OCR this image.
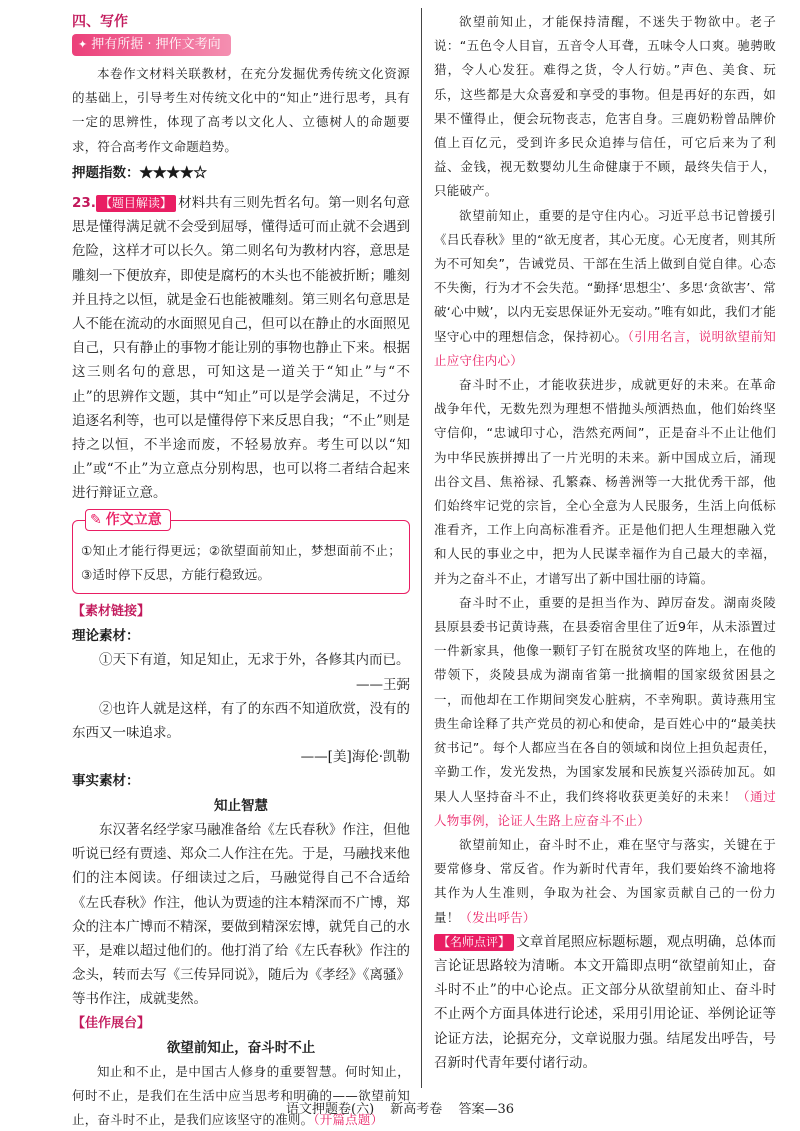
四、写作
✦ 押有所据 · 押作文考向

本卷作文材料关联教材，在充分发掘优秀传统文化资源的基础上，引导考生对传统文化中的“知止”进行思考，具有一定的思辨性，体现了高考以文化人、立德树人的命题要求，符合高考作文命题趋势。

押题指数：★★★★☆

23. 【题目解读】 材料共有三则先哲名句。第一则名句意思是懂得满足就不会受到屈辱，懂得适可而止就不会遇到危险，这样才可以长久。第二则名句为教材内容，意思是雕刻一下便放弃，即使是腐朽的木头也不能被折断；雕刻并且持之以恒，就是金石也能被雕刻。第三则名句意思是人不能在流动的水面照见自己，但可以在静止的水面照见自己，只有静止的事物才能让别的事物也静止下来。根据这三则名句的意思，可知这是一道关于“知止”与“不止”的思辨作文题，其中“知止”可以是学会满足，不过分追逐名利等，也可以是懂得停下来反思自我；“不止”则是持之以恒，不半途而废，不轻易放弃。考生可以以“知止”或“不止”为立意点分别构思，也可以将二者结合起来进行辩证立意。

✎ 作文立意

①知止才能行得更远；②欲望面前知止，梦想面前不止；③适时停下反思，方能行稳致远。

【素材链接】

理论素材：

①天下有道，知足知止，无求于外，各修其内而已。

——王弼

②也许人就是这样，有了的东西不知道欣赏，没有的东西又一味追求。

——[美]海伦·凯勒

事实素材：

知止智慧

东汉著名经学家马融准备给《左氏春秋》作注，但他听说已经有贾逵、郑众二人作注在先。于是，马融找来他们的注本阅读。仔细读过之后，马融觉得自己不合适给《左氏春秋》作注，他认为贾逵的注本精深而不广博，郑众的注本广博而不精深，要做到精深宏博，就凭自己的水平，是难以超过他们的。他打消了给《左氏春秋》作注的念头，转而去写《三传异同说》，随后为《孝经》《离骚》等书作注，成就斐然。

【佳作展台】

欲望前知止，奋斗时不止

知止和不止，是中国古人修身的重要智慧。何时知止，何时不止，是我们在生活中应当思考和明确的——欲望前知止，奋斗时不止，是我们应该坚守的准则。（开篇点题）

欲望前知止，才能保持清醒，不迷失于物欲中。老子说：“五色令人目盲，五音令人耳聋，五味令人口爽。驰骋畋猎，令人心发狂。难得之货，令人行妨。”声色、美食、玩乐，这些都是大众喜爱和享受的事物。但是再好的东西，如果不懂得止，便会玩物丧志，危害自身。三鹿奶粉曾品牌价值上百亿元，受到许多民众追捧与信任，可它后来为了利益、金钱，视无数婴幼儿生命健康于不顾，最终失信于人，只能破产。

欲望前知止，重要的是守住内心。习近平总书记曾援引《吕氏春秋》里的“欲无度者，其心无度。心无度者，则其所为不可知矣”，告诫党员、干部在生活上做到自觉自律。心态不失衡，行为才不会失范。“勤择‘思想尘’、多思‘贪欲害’、常破‘心中贼’，以内无妄思保证外无妄动。”唯有如此，我们才能坚守心中的理想信念，保持初心。（引用名言，说明欲望前知止应守住内心）

奋斗时不止，才能收获进步，成就更好的未来。在革命战争年代，无数先烈为理想不惜抛头颅洒热血，他们始终坚守信仰，“忠诚印寸心，浩然充两间”，正是奋斗不止让他们为中华民族拼搏出了一片光明的未来。新中国成立后，涌现出谷文昌、焦裕禄、孔繁森、杨善洲等一大批优秀干部，他们始终牢记党的宗旨，全心全意为人民服务，生活上向低标准看齐，工作上向高标准看齐。正是他们把人生理想融入党和人民的事业之中，把为人民谋幸福作为自己最大的幸福，并为之奋斗不止，才谱写出了新中国壮丽的诗篇。

奋斗时不止，重要的是担当作为、踔厉奋发。湖南炎陵县原县委书记黄诗燕，在县委宿舍里住了近9年，从未添置过一件新家具，他像一颗钉子钉在脱贫攻坚的阵地上，在他的带领下，炎陵县成为湖南省第一批摘帽的国家级贫困县之一，而他却在工作期间突发心脏病，不幸殉职。黄诗燕用宝贵生命诠释了共产党员的初心和使命，是百姓心中的“最美扶贫书记”。每个人都应当在各自的领域和岗位上担负起责任，辛勤工作，发光发热，为国家发展和民族复兴添砖加瓦。如果人人坚持奋斗不止，我们终将收获更美好的未来！（通过人物事例，论证人生路上应奋斗不止）

欲望前知止，奋斗时不止，难在坚守与落实，关键在于要常修身、常反省。作为新时代青年，我们要始终不渝地将其作为人生准则，争取为社会、为国家贡献自己的一份力量！（发出呼告）

【名师点评】 文章首尾照应标题标题，观点明确，总体而言论证思路较为清晰。本文开篇即点明“欲望前知止，奋斗时不止”的中心论点。正文部分从欲望前知止、奋斗时不止两个方面具体进行论述，采用引用论证、举例论证等论证方法，论据充分，文章说服力强。结尾发出呼告，号召新时代青年要付诸行动。

语文押题卷(六) 新高考卷 答案—36
